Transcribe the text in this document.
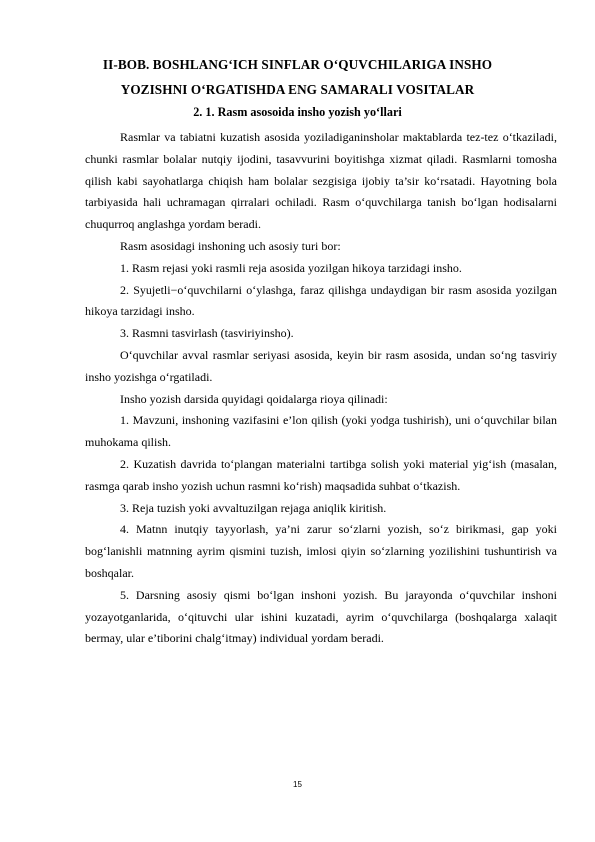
II-BOB. BOSHLANG‘ICH SINFLAR O‘QUVCHILARIGA INSHO
YOZISHNI O‘RGATISHDA ENG SAMARALI VOSITALAR
2. 1. Rasm asosoida insho yozish yo‘llari

Rasmlar va tabiatni kuzatish asosida yoziladiganinsholar maktablarda tez-tez o‘tkaziladi, chunki rasmlar bolalar nutqiy ijodini, tasavvurini boyitishga xizmat qiladi. Rasmlarni tomosha qilish kabi sayohatlarga chiqish ham bolalar sezgisiga ijobiy ta’sir ko‘rsatadi. Hayotning bola tarbiyasida hali uchramagan qirralari ochiladi. Rasm o‘quvchilarga tanish bo‘lgan hodisalarni chuqurroq anglashga yordam beradi.

Rasm asosidagi inshoning uch asosiy turi bor:

1. Rasm rejasi yoki rasmli reja asosida yozilgan hikoya tarzidagi insho.

2. Syujetli−o‘quvchilarni o‘ylashga, faraz qilishga undaydigan bir rasm asosida yozilgan hikoya tarzidagi insho.

3. Rasmni tasvirlash (tasviriyinsho).

O‘quvchilar avval rasmlar seriyasi asosida, keyin bir rasm asosida, undan so‘ng tasviriy insho yozishga o‘rgatiladi.

Insho yozish darsida quyidagi qoidalarga rioya qilinadi:

1. Mavzuni, inshoning vazifasini e’lon qilish (yoki yodga tushirish), uni o‘quvchilar bilan muhokama qilish.

2. Kuzatish davrida to‘plangan materialni tartibga solish yoki material yig‘ish (masalan, rasmga qarab insho yozish uchun rasmni ko‘rish) maqsadida suhbat o‘tkazish.

3. Reja tuzish yoki avvaltuzilgan rejaga aniqlik kiritish.

4. Matnn inutqiy tayyorlash, ya’ni zarur so‘zlarni yozish, so‘z birikmasi, gap yoki bog‘lanishli matnning ayrim qismini tuzish, imlosi qiyin so‘zlarning yozilishini tushuntirish va boshqalar.

5. Darsning asosiy qismi bo‘lgan inshoni yozish. Bu jarayonda o‘quvchilar inshoni yozayotganlarida, o‘qituvchi ular ishini kuzatadi, ayrim o‘quvchilarga (boshqalarga xalaqit bermay, ular e’tiborini chalg‘itmay) individual yordam beradi.

15
